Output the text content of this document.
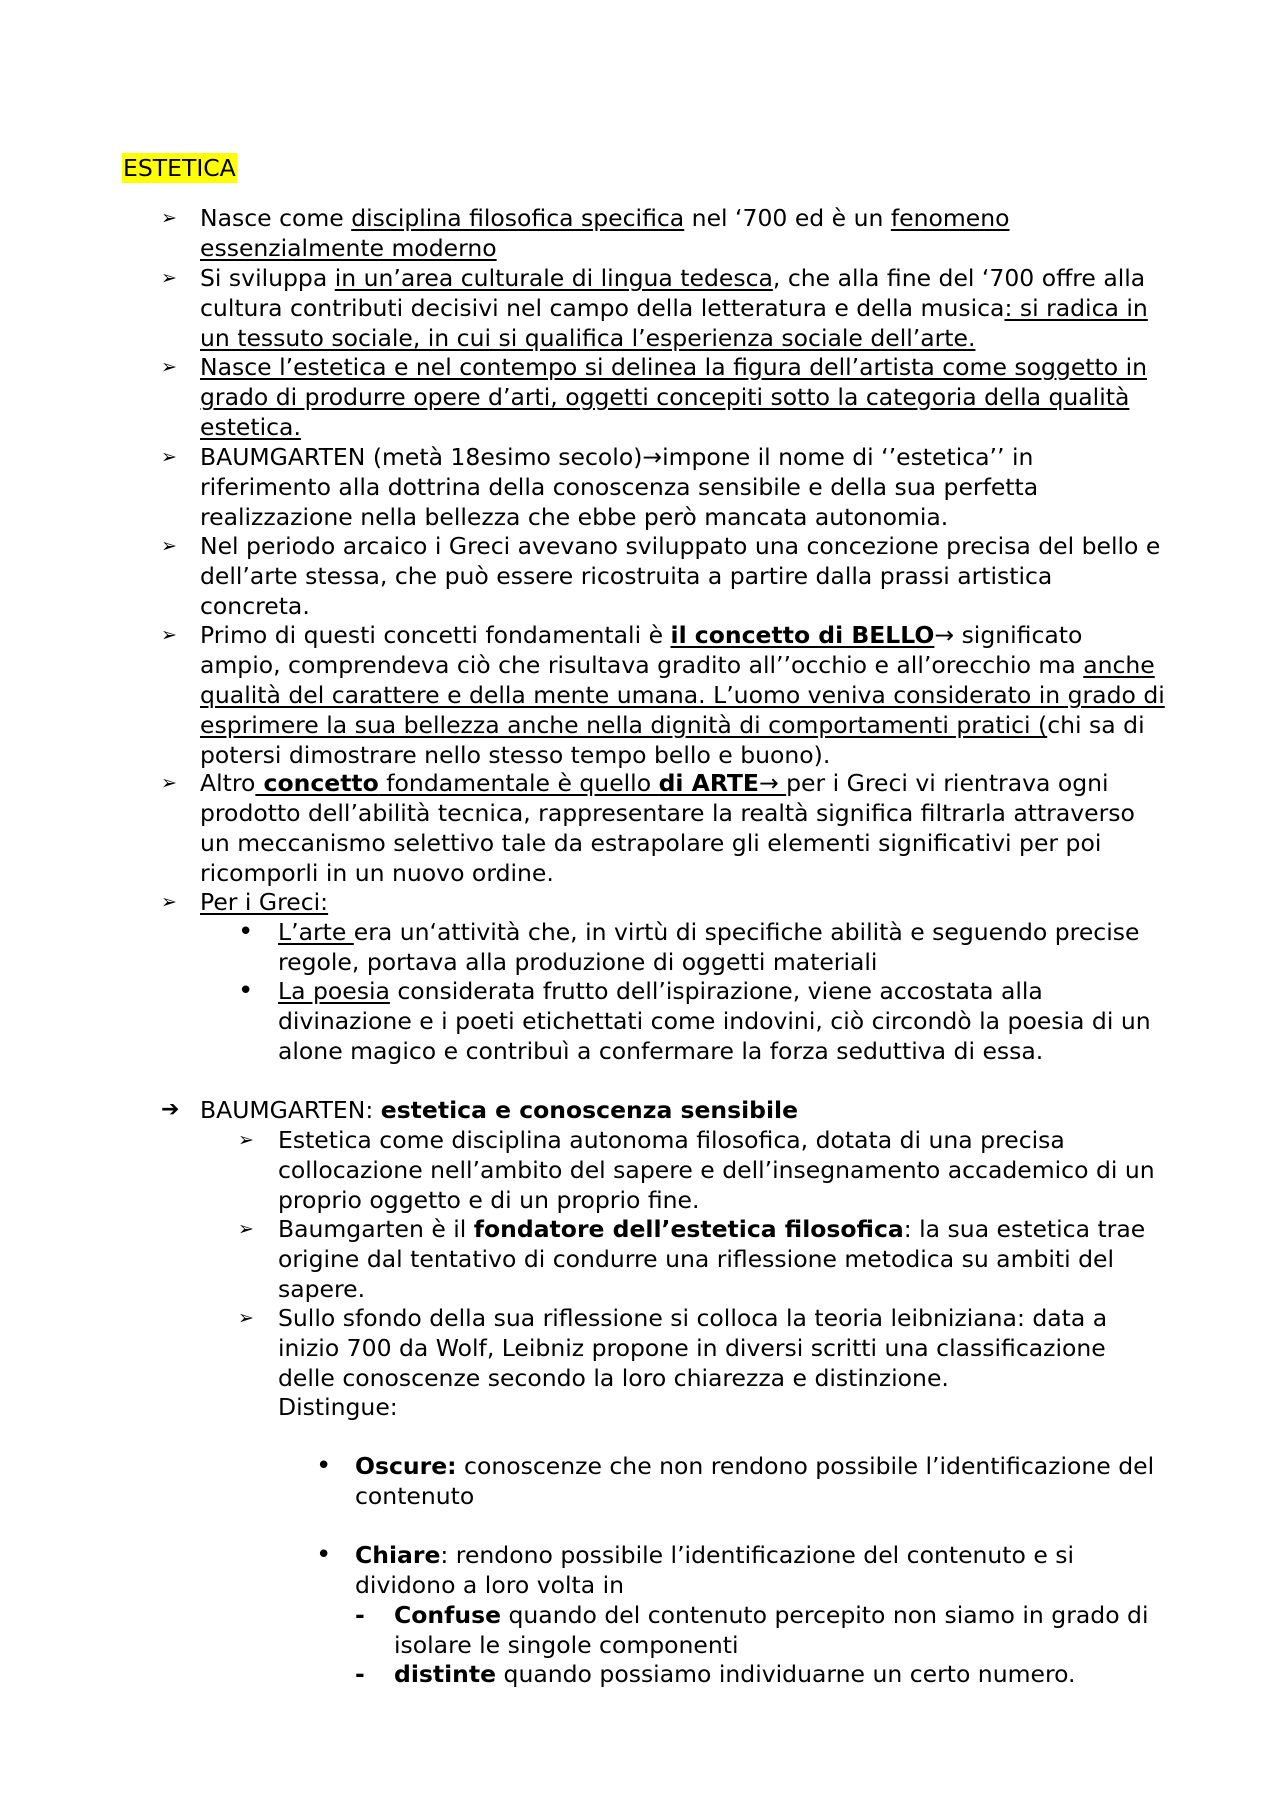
ESTETICA
➢ Nasce come disciplina filosofica specifica nel ‘700 ed è un fenomeno essenzialmente moderno
➢ Si sviluppa in un’area culturale di lingua tedesca, che alla fine del ‘700 offre alla cultura contributi decisivi nel campo della letteratura e della musica: si radica in un tessuto sociale, in cui si qualifica l’esperienza sociale dell’arte.
➢ Nasce l’estetica e nel contempo si delinea la figura dell’artista come soggetto in grado di produrre opere d’arti, oggetti concepiti sotto la categoria della qualità estetica.
➢ BAUMGARTEN (metà 18esimo secolo)→impone il nome di ‘’estetica’’ in riferimento alla dottrina della conoscenza sensibile e della sua perfetta realizzazione nella bellezza che ebbe però mancata autonomia.
➢ Nel periodo arcaico i Greci avevano sviluppato una concezione precisa del bello e dell’arte stessa, che può essere ricostruita a partire dalla prassi artistica concreta.
➢ Primo di questi concetti fondamentali è il concetto di BELLO→ significato ampio, comprendeva ciò che risultava gradito all’’occhio e all’orecchio ma anche qualità del carattere e della mente umana. L’uomo veniva considerato in grado di esprimere la sua bellezza anche nella dignità di comportamenti pratici (chi sa di potersi dimostrare nello stesso tempo bello e buono).
➢ Altro concetto fondamentale è quello di ARTE→ per i Greci vi rientrava ogni prodotto dell’abilità tecnica, rappresentare la realtà significa filtrarla attraverso un meccanismo selettivo tale da estrapolare gli elementi significativi per poi ricomporli in un nuovo ordine.
➢ Per i Greci:
• L’arte era un‘attività che, in virtù di specifiche abilità e seguendo precise regole, portava alla produzione di oggetti materiali
• La poesia considerata frutto dell’ispirazione, viene accostata alla divinazione e i poeti etichettati come indovini, ciò circondò la poesia di un alone magico e contribuì a confermare la forza seduttiva di essa.
➔ BAUMGARTEN: estetica e conoscenza sensibile
➢ Estetica come disciplina autonoma filosofica, dotata di una precisa collocazione nell’ambito del sapere e dell’insegnamento accademico di un proprio oggetto e di un proprio fine.
➢ Baumgarten è il fondatore dell’estetica filosofica: la sua estetica trae origine dal tentativo di condurre una riflessione metodica su ambiti del sapere.
➢ Sullo sfondo della sua riflessione si colloca la teoria leibniziana: data a inizio 700 da Wolf, Leibniz propone in diversi scritti una classificazione delle conoscenze secondo la loro chiarezza e distinzione.
Distingue:
• Oscure: conoscenze che non rendono possibile l’identificazione del contenuto
• Chiare: rendono possibile l’identificazione del contenuto e si dividono a loro volta in
- Confuse quando del contenuto percepito non siamo in grado di isolare le singole componenti
- distinte quando possiamo individuarne un certo numero.
